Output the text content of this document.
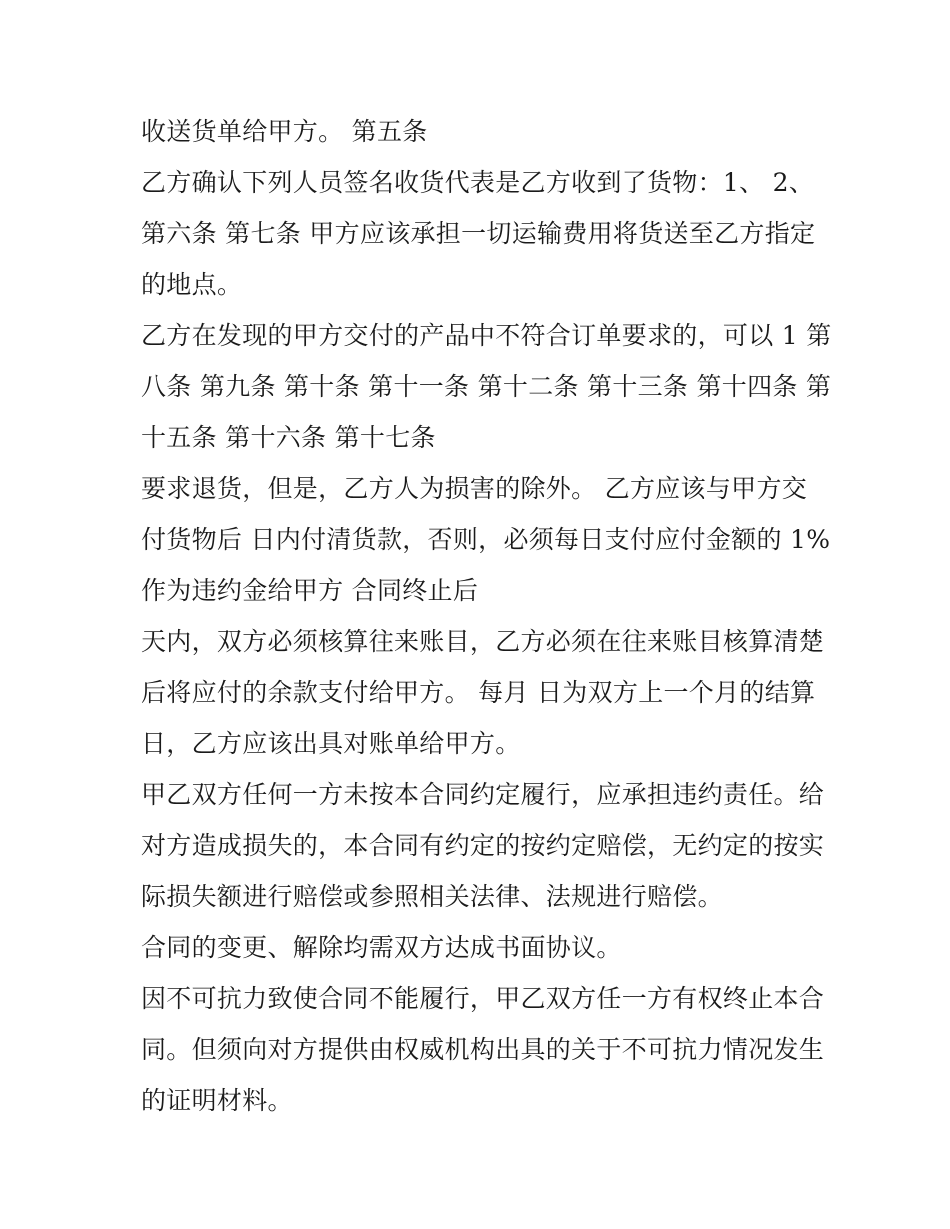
收送货单给甲方。 第五条
乙方确认下列人员签名收货代表是乙方收到了货物：1、 2、
第六条 第七条 甲方应该承担一切运输费用将货送至乙方指定
的地点。
乙方在发现的甲方交付的产品中不符合订单要求的，可以 1 第
八条 第九条 第十条 第十一条 第十二条 第十三条 第十四条 第
十五条 第十六条 第十七条
要求退货，但是，乙方人为损害的除外。 乙方应该与甲方交
付货物后 日内付清货款，否则，必须每日支付应付金额的 1%
作为违约金给甲方 合同终止后
天内，双方必须核算往来账目，乙方必须在往来账目核算清楚
后将应付的余款支付给甲方。 每月 日为双方上一个月的结算
日，乙方应该出具对账单给甲方。
甲乙双方任何一方未按本合同约定履行，应承担违约责任。给
对方造成损失的，本合同有约定的按约定赔偿，无约定的按实
际损失额进行赔偿或参照相关法律、法规进行赔偿。
合同的变更、解除均需双方达成书面协议。
因不可抗力致使合同不能履行，甲乙双方任一方有权终止本合
同。但须向对方提供由权威机构出具的关于不可抗力情况发生
的证明材料。
